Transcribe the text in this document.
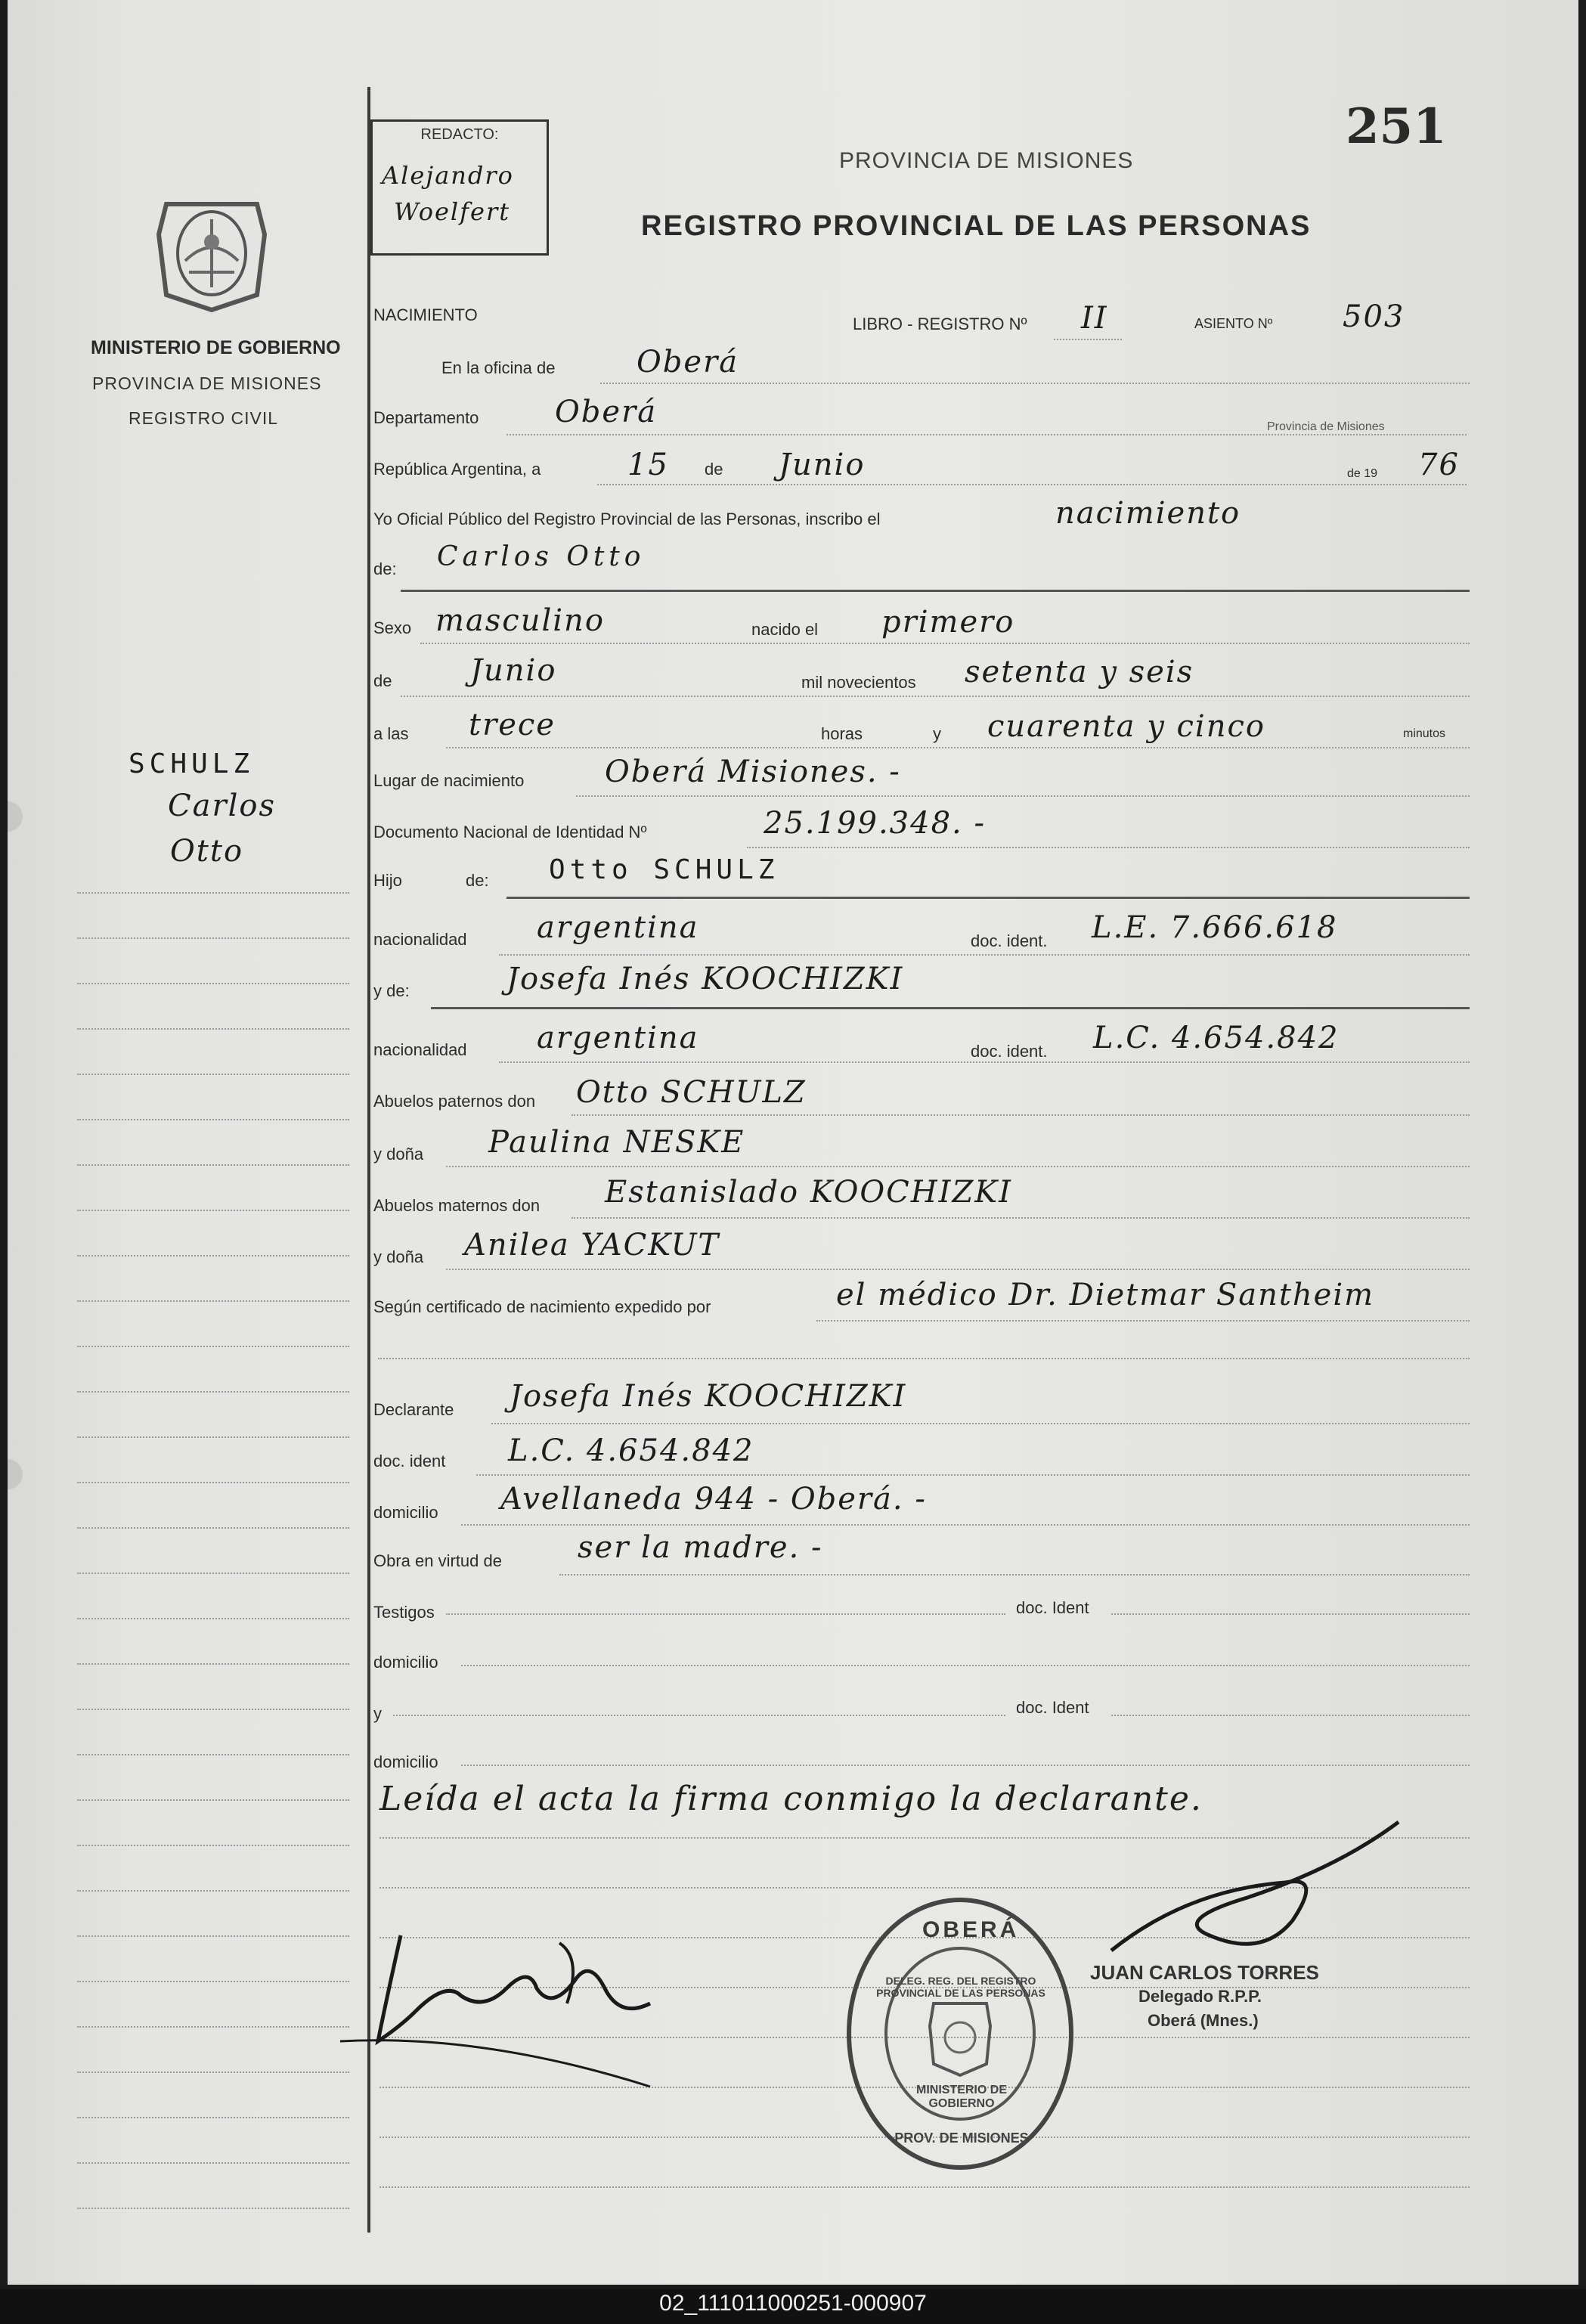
REDACTO:
Alejandro
Woelfert
251
PROVINCIA DE MISIONES
REGISTRO PROVINCIAL DE LAS PERSONAS
MINISTERIO DE GOBIERNO
PROVINCIA DE MISIONES
REGISTRO CIVIL
SCHULZ
Carlos
Otto
NACIMIENTO	LIBRO - REGISTRO Nº II	ASIENTO Nº 503
En la oficina de	Oberá
Departamento	Oberá	Provincia de Misiones
República Argentina, a	15 de Junio	de 19 76
Yo Oficial Público del Registro Provincial de las Personas, inscribo el	nacimiento
de: Carlos Otto
Sexo masculino	nacido el primero
de	Junio	mil novecientos setenta y seis
a las trece	horas	y cuarenta y cinco	minutos
Lugar de nacimiento	Oberá Misiones. -
Documento Nacional de Identidad Nº	25.199.348. -
Hijo	de: Otto SCHULZ
nacionalidad argentina	doc. ident. L.E. 7.666.618
y de:	Josefa Inés KOOCHIZKI
nacionalidad argentina	doc. ident. L.C. 4.654.842
Abuelos paternos don Otto SCHULZ
y doña Paulina NESKE
Abuelos maternos don Estanislado KOOCHIZKI
y doña Anilea YACKUT
Según certificado de nacimiento expedido por	el médico Dr. Dietmar Santheim
Declarante Josefa Inés KOOCHIZKI
doc. ident L.C. 4.654.842
domicilio Avellaneda 944 - Oberá. -
Obra en virtud de	ser la madre. -
Testigos	doc. Ident
domicilio
y	doc. Ident
domicilio
Leída el acta la firma conmigo la declarante.
JUAN CARLOS TORRES
Delegado R.P.P.
Oberá (Mnes.)
OBERÁ
DELEG. REG. DEL REGISTRO PROVINCIAL DE LAS PERSONAS
MINISTERIO DE GOBIERNO
PROV. DE MISIONES
02_111011000251-000907
